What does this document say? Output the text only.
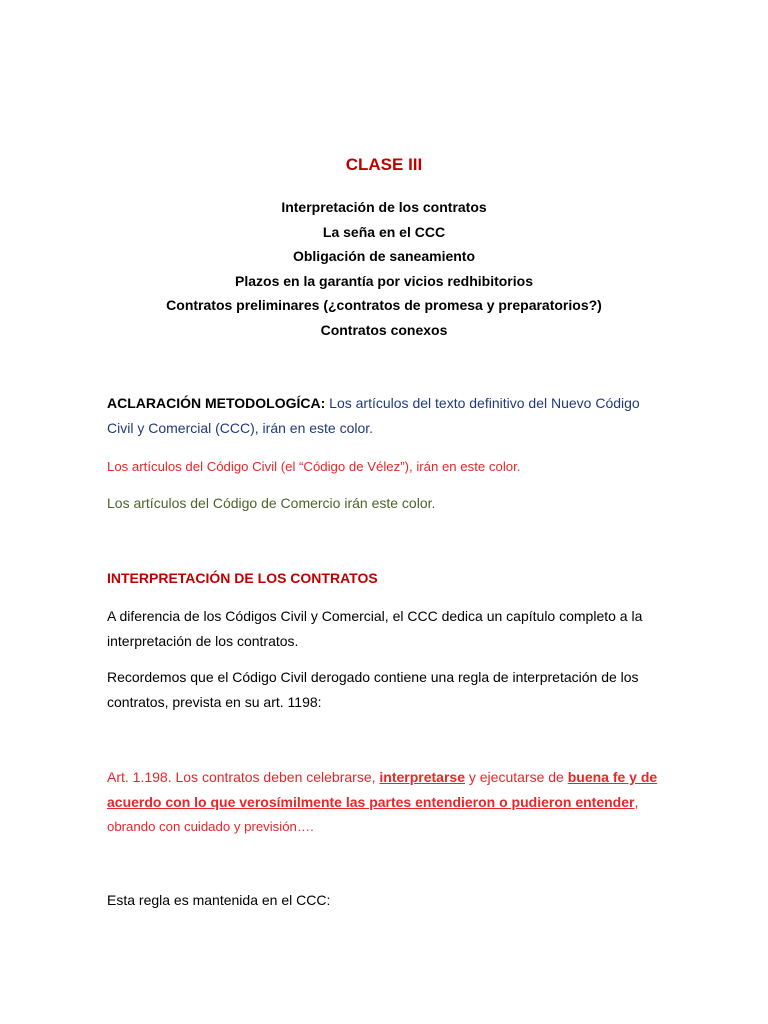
CLASE III
Interpretación de los contratos
La seña en el CCC
Obligación de saneamiento
Plazos en la garantía por vicios redhibitorios
Contratos preliminares (¿contratos de promesa y preparatorios?)
Contratos conexos
ACLARACIÓN METODOLOGÍCA: Los artículos del texto definitivo del Nuevo Código Civil y Comercial (CCC), irán en este color.
Los artículos del Código Civil (el “Código de Vélez”), irán en este color.
Los artículos del Código de Comercio irán este color.
INTERPRETACIÓN DE LOS CONTRATOS
A diferencia de los Códigos Civil y Comercial, el CCC dedica un capítulo completo a la interpretación de los contratos.
Recordemos que el Código Civil derogado contiene una regla de interpretación de los contratos, prevista en su art. 1198:
Art. 1.198. Los contratos deben celebrarse, interpretarse y ejecutarse de buena fe y de acuerdo con lo que verosímilmente las partes entendieron o pudieron entender,
obrando con cuidado y previsión….
Esta regla es mantenida en el CCC:
